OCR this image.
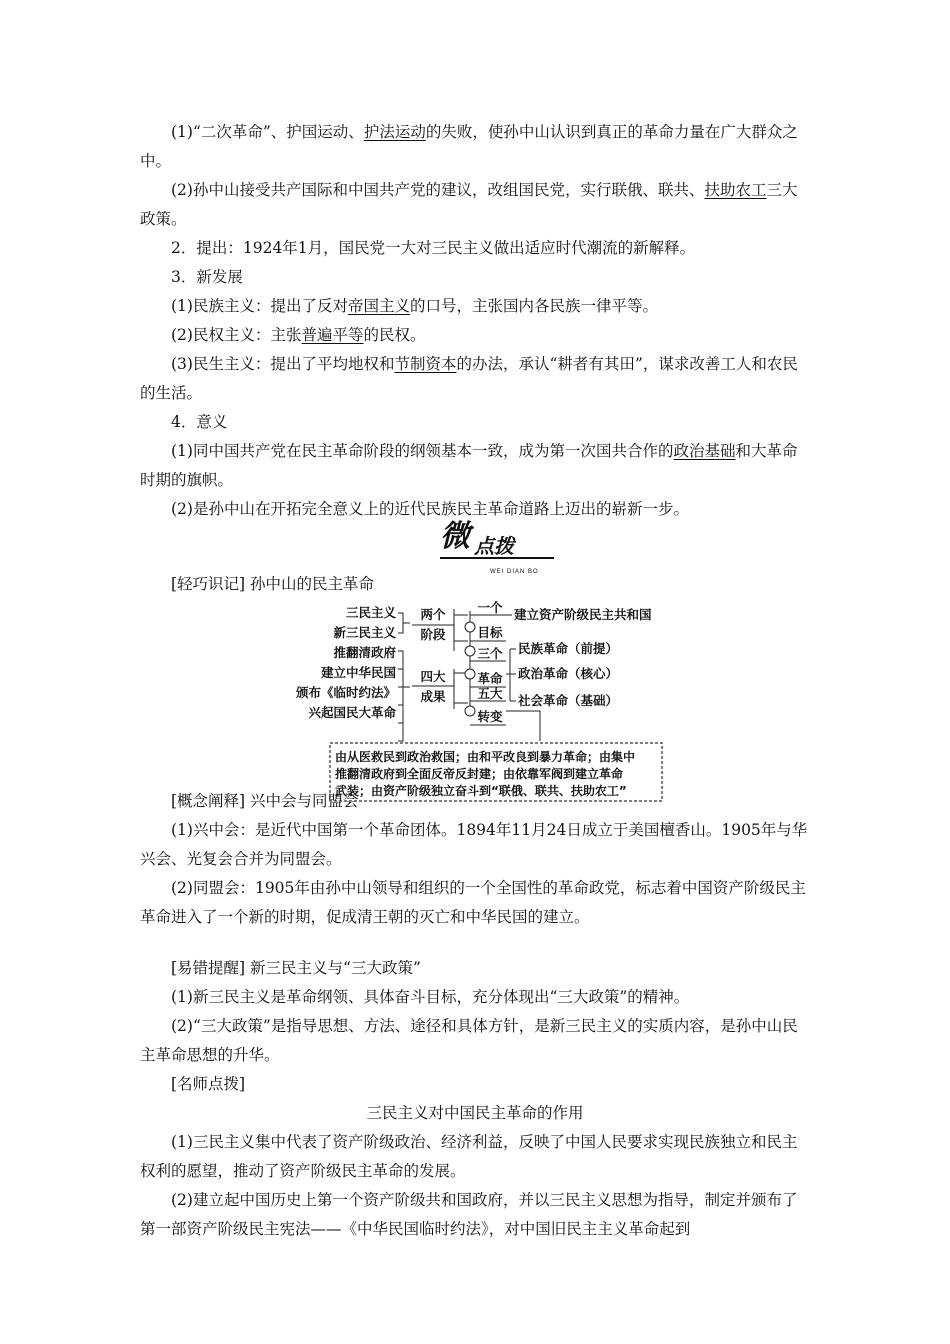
(1)“二次革命”、护国运动、护法运动的失败，使孙中山认识到真正的革命力量在广大群众之中。

(2)孙中山接受共产国际和中国共产党的建议，改组国民党，实行联俄、联共、扶助农工三大政策。

2．提出：1924年1月，国民党一大对三民主义做出适应时代潮流的新解释。

3．新发展

(1)民族主义：提出了反对帝国主义的口号，主张国内各民族一律平等。

(2)民权主义：主张普遍平等的民权。

(3)民生主义：提出了平均地权和节制资本的办法，承认“耕者有其田”，谋求改善工人和农民的生活。

4．意义

(1)同中国共产党在民主革命阶段的纲领基本一致，成为第一次国共合作的政治基础和大革命时期的旗帜。

(2)是孙中山在开拓完全意义上的近代民族民主革命道路上迈出的崭新一步。

微 点拨
WEI DIAN BO

[轻巧识记] 孙中山的民主革命

三民主义
新三民主义
推翻清政府
建立中华民国
颁布《临时约法》
兴起国民大革命
两个
阶段
四大
成果
一个
目标
三个
革命
五大
转变
建立资产阶级民主共和国
民族革命（前提）
政治革命（核心）
社会革命（基础）
由从医救民到政治救国；由和平改良到暴力革命；由集中
推翻清政府到全面反帝反封建；由依靠军阀到建立革命
武装；由资产阶级独立奋斗到“联俄、联共、扶助农工”

[概念阐释] 兴中会与同盟会

(1)兴中会：是近代中国第一个革命团体。1894年11月24日成立于美国檀香山。1905年与华兴会、光复会合并为同盟会。

(2)同盟会：1905年由孙中山领导和组织的一个全国性的革命政党，标志着中国资产阶级民主革命进入了一个新的时期，促成清王朝的灭亡和中华民国的建立。

[易错提醒] 新三民主义与“三大政策”

(1)新三民主义是革命纲领、具体奋斗目标，充分体现出“三大政策”的精神。

(2)“三大政策”是指导思想、方法、途径和具体方针，是新三民主义的实质内容，是孙中山民主革命思想的升华。

[名师点拨]

三民主义对中国民主革命的作用

(1)三民主义集中代表了资产阶级政治、经济利益，反映了中国人民要求实现民族独立和民主权利的愿望，推动了资产阶级民主革命的发展。

(2)建立起中国历史上第一个资产阶级共和国政府，并以三民主义思想为指导，制定并颁布了第一部资产阶级民主宪法——《中华民国临时约法》，对中国旧民主主义革命起到
